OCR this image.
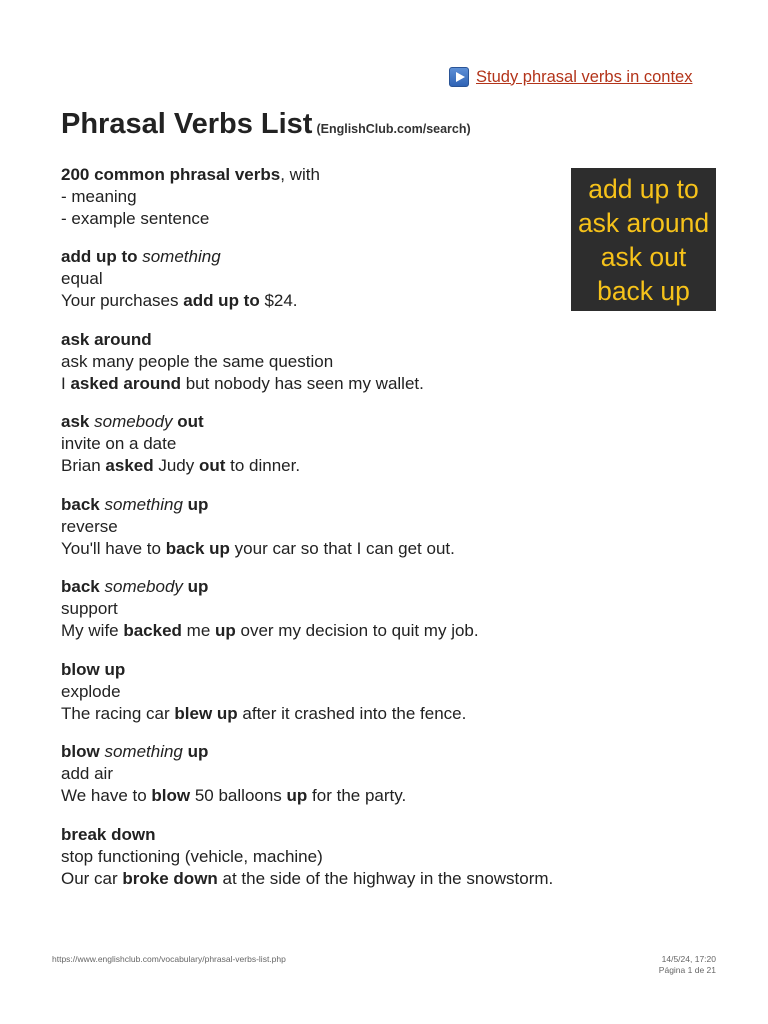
Study phrasal verbs in contex
Phrasal Verbs List (EnglishClub.com/search)
200 common phrasal verbs, with
- meaning
- example sentence
add up to
ask around
ask out
back up
add up to something
equal
Your purchases add up to $24.
ask around
ask many people the same question
I asked around but nobody has seen my wallet.
ask somebody out
invite on a date
Brian asked Judy out to dinner.
back something up
reverse
You'll have to back up your car so that I can get out.
back somebody up
support
My wife backed me up over my decision to quit my job.
blow up
explode
The racing car blew up after it crashed into the fence.
blow something up
add air
We have to blow 50 balloons up for the party.
break down
stop functioning (vehicle, machine)
Our car broke down at the side of the highway in the snowstorm.
https://www.englishclub.com/vocabulary/phrasal-verbs-list.php	14/5/24, 17:20
Página 1 de 21
